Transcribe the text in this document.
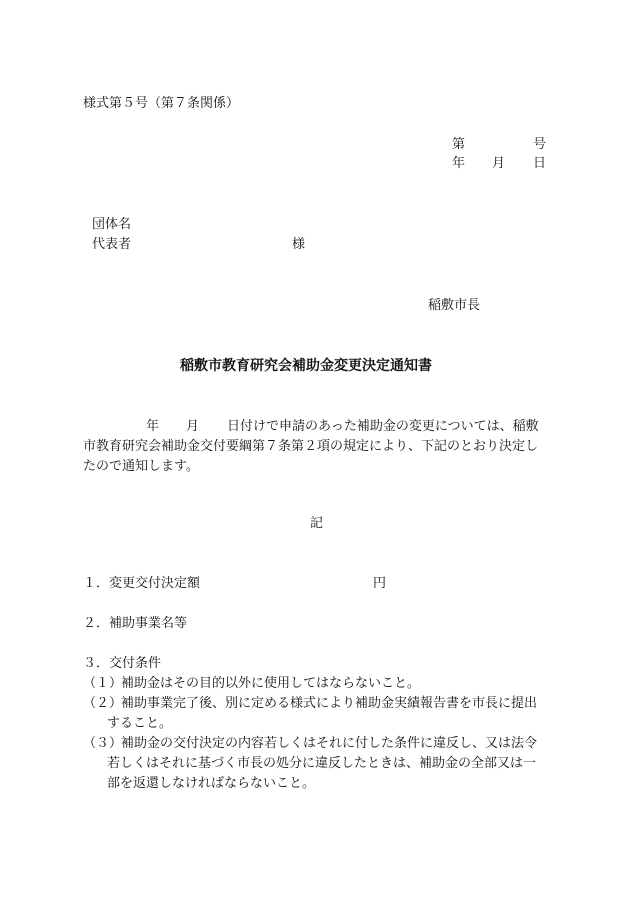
様式第５号（第７条関係）
第	号
年 月 日
団体名
代表者	様
稲敷市長
稲敷市教育研究会補助金変更決定通知書
年 月 日付けで申請のあった補助金の変更については、稲敷
市教育研究会補助金交付要綱第７条第２項の規定により、下記のとおり決定し
たので通知します。
記
１．変更交付決定額	円
２．補助事業名等
３．交付条件
（１）
補助金はその目的以外に使用してはならないこと。
（２）
補助事業完了後、別に定める様式により補助金実績報告書を市長に提出
すること。
（３）
補助金の交付決定の内容若しくはそれに付した条件に違反し、又は法令
若しくはそれに基づく市長の処分に違反したときは、補助金の全部又は一
部を返還しなければならないこと。
